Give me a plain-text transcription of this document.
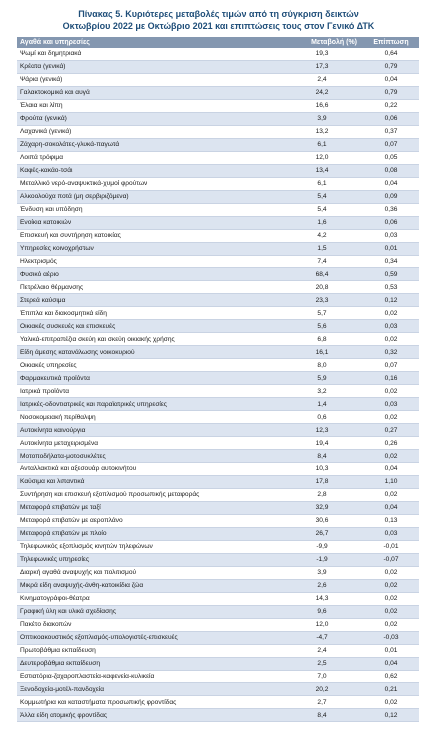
Πίνακας 5. Κυριότερες μεταβολές τιμών από τη σύγκριση δεικτών
Οκτωβρίου 2022 με Οκτώβριο 2021 και επιπτώσεις τους στον Γενικό ΔΤΚ
Αγαθά και υπηρεσίες	Μεταβολή (%)	Επίπτωση
Ψωμί και δημητριακά	19,3	0,64
Κρέατα (γενικά)	17,3	0,79
Ψάρια (γενικά)	2,4	0,04
Γαλακτοκομικά και αυγά	24,2	0,79
Έλαια και λίπη	16,6	0,22
Φρούτα (γενικά)	3,9	0,06
Λαχανικά (γενικά)	13,2	0,37
Ζάχαρη-σοκολάτες-γλυκά-παγωτά	6,1	0,07
Λοιπά τρόφιμα	12,0	0,05
Καφές-κακάο-τσάι	13,4	0,08
Μεταλλικό νερό-αναψυκτικά-χυμοί φρούτων	6,1	0,04
Αλκοολούχα ποτά (μη σερβιριζόμενα)	5,4	0,09
Ένδυση και υπόδηση	5,4	0,36
Ενοίκια κατοικιών	1,6	0,06
Επισκευή και συντήρηση κατοικίας	4,2	0,03
Υπηρεσίες κοινοχρήστων	1,5	0,01
Ηλεκτρισμός	7,4	0,34
Φυσικό αέριο	68,4	0,59
Πετρέλαιο θέρμανσης	20,8	0,53
Στερεά καύσιμα	23,3	0,12
Έπιπλα και διακοσμητικά είδη	5,7	0,02
Οικιακές συσκευές και επισκευές	5,6	0,03
Υαλικά-επιτραπέζια σκεύη και σκεύη οικιακής χρήσης	6,8	0,02
Είδη άμεσης κατανάλωσης νοικοκυριού	16,1	0,32
Οικιακές υπηρεσίες	8,0	0,07
Φαρμακευτικά προϊόντα	5,9	0,16
Ιατρικά προϊόντα	3,2	0,02
Ιατρικές-οδοντιατρικές και παραϊατρικές υπηρεσίες	1,4	0,03
Νοσοκομειακή περίθαλψη	0,6	0,02
Αυτοκίνητα καινούργια	12,3	0,27
Αυτοκίνητα μεταχειρισμένα	19,4	0,26
Μοτοποδήλατα-μοτοσυκλέτες	8,4	0,02
Ανταλλακτικά και αξεσουάρ αυτοκινήτου	10,3	0,04
Καύσιμα και λιπαντικά	17,8	1,10
Συντήρηση και επισκευή εξοπλισμού προσωπικής μεταφοράς	2,8	0,02
Μεταφορά επιβατών με ταξί	32,9	0,04
Μεταφορά επιβατών με αεροπλάνο	30,6	0,13
Μεταφορά επιβατών με πλοίο	26,7	0,03
Τηλεφωνικός εξοπλισμός κινητών τηλεφώνων	-9,9	-0,01
Τηλεφωνικές υπηρεσίες	-1,9	-0,07
Διαρκή αγαθά αναψυχής και πολιτισμού	3,9	0,02
Μικρά είδη αναψυχής-άνθη-κατοικίδια ζώα	2,6	0,02
Κινηματογράφοι-θέατρα	14,3	0,02
Γραφική ύλη και υλικά σχεδίασης	9,6	0,02
Πακέτο διακοπών	12,0	0,02
Οπτικοακουστικός εξοπλισμός-υπολογιστές-επισκευές	-4,7	-0,03
Πρωτοβάθμια εκπαίδευση	2,4	0,01
Δευτεροβάθμια εκπαίδευση	2,5	0,04
Εστιατόρια-ζαχαροπλαστεία-καφενεία-κυλικεία	7,0	0,62
Ξενοδοχεία-μοτέλ-πανδοχεία	20,2	0,21
Κομμωτήρια και καταστήματα προσωπικής φροντίδας	2,7	0,02
Άλλα είδη ατομικής φροντίδας	8,4	0,12
